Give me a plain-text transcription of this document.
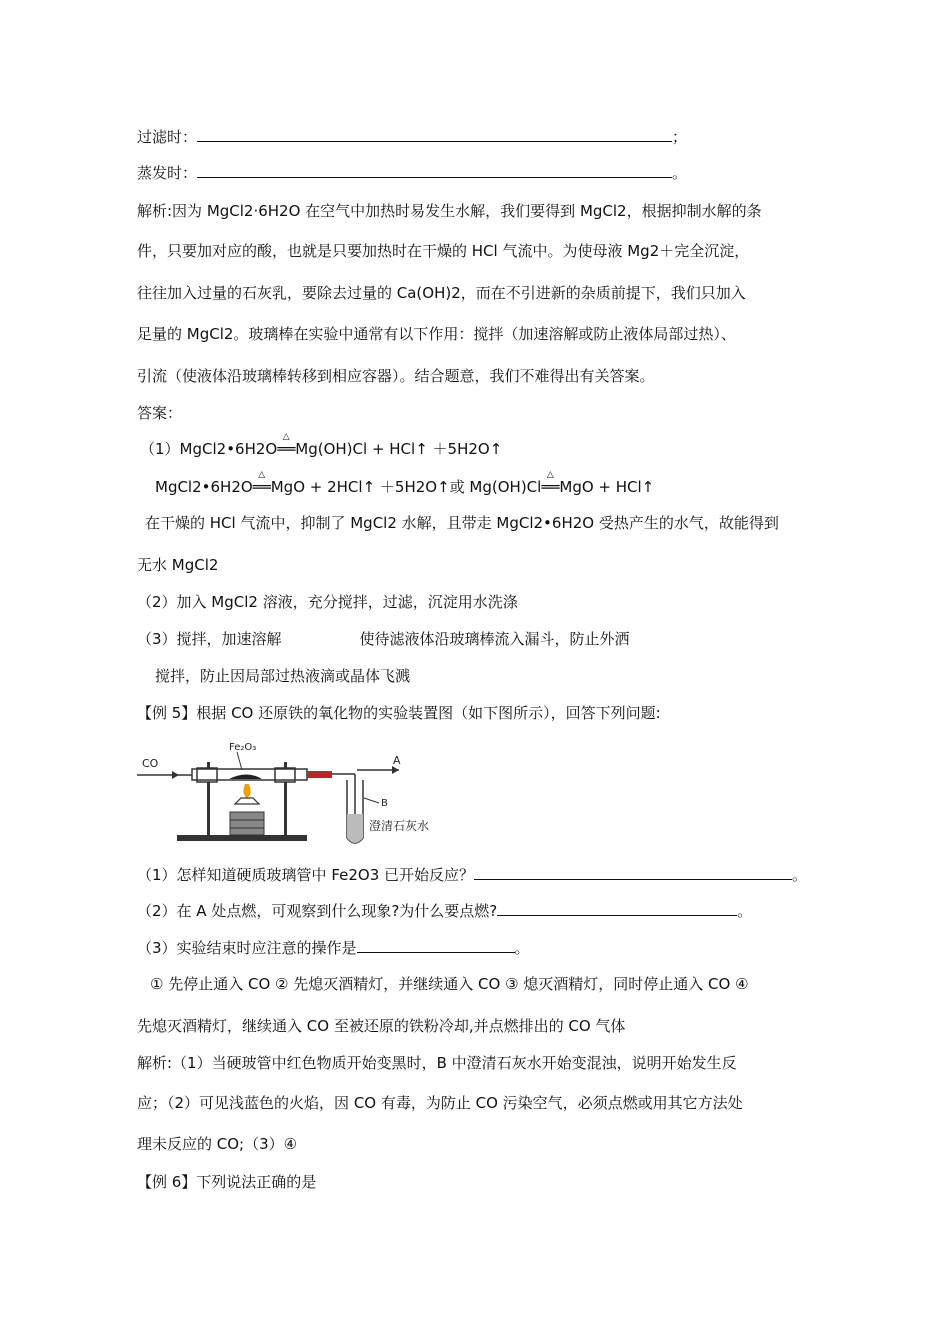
过滤时：	；
蒸发时：	。
解析:因为 MgCl2·6H2O 在空气中加热时易发生水解，我们要得到 MgCl2，根据抑制水解的条
件，只要加对应的酸，也就是只要加热时在干燥的 HCl 气流中。为使母液 Mg2＋完全沉淀，
往往加入过量的石灰乳，要除去过量的 Ca(OH)2，而在不引进新的杂质前提下，我们只加入
足量的 MgCl2。玻璃棒在实验中通常有以下作用：搅拌（加速溶解或防止液体局部过热）、
引流（使液体沿玻璃棒转移到相应容器）。结合题意，我们不难得出有关答案。
答案：
（1）MgCl2•6H2O
△
══Mg(OH)Cl + HCl↑ ＋5H2O↑
MgCl2•6H2O
△
══MgO + 2HCl↑ ＋5H2O↑或 Mg(OH)Cl
△
══MgO + HCl↑
在干燥的 HCl 气流中，抑制了 MgCl2 水解，且带走 MgCl2•6H2O 受热产生的水气，故能得到
无水 MgCl2
（2）加入 MgCl2 溶液，充分搅拌，过滤，沉淀用水洗涤
（3）搅拌，加速溶解	使待滤液体沿玻璃棒流入漏斗，防止外洒
搅拌，防止因局部过热液滴或晶体飞溅
【例 5】根据 CO 还原铁的氧化物的实验装置图（如下图所示），回答下列问题:
Fe₂O₃
CO	A
B
澄清石灰水
（1）怎样知道硬质玻璃管中 Fe2O3 已开始反应？	。
（2）在 A 处点燃，可观察到什么现象?为什么要点燃?	。
（3）实验结束时应注意的操作是	。
① 先停止通入 CO ② 先熄灭酒精灯，并继续通入 CO ③ 熄灭酒精灯，同时停止通入 CO ④
先熄灭酒精灯，继续通入 CO 至被还原的铁粉冷却,并点燃排出的 CO 气体
解析:（1）当硬玻管中红色物质开始变黑时，B 中澄清石灰水开始变混浊，说明开始发生反
应；（2）可见浅蓝色的火焰，因 CO 有毒，为防止 CO 污染空气，必须点燃或用其它方法处
理未反应的 CO;（3）④
【例 6】下列说法正确的是
